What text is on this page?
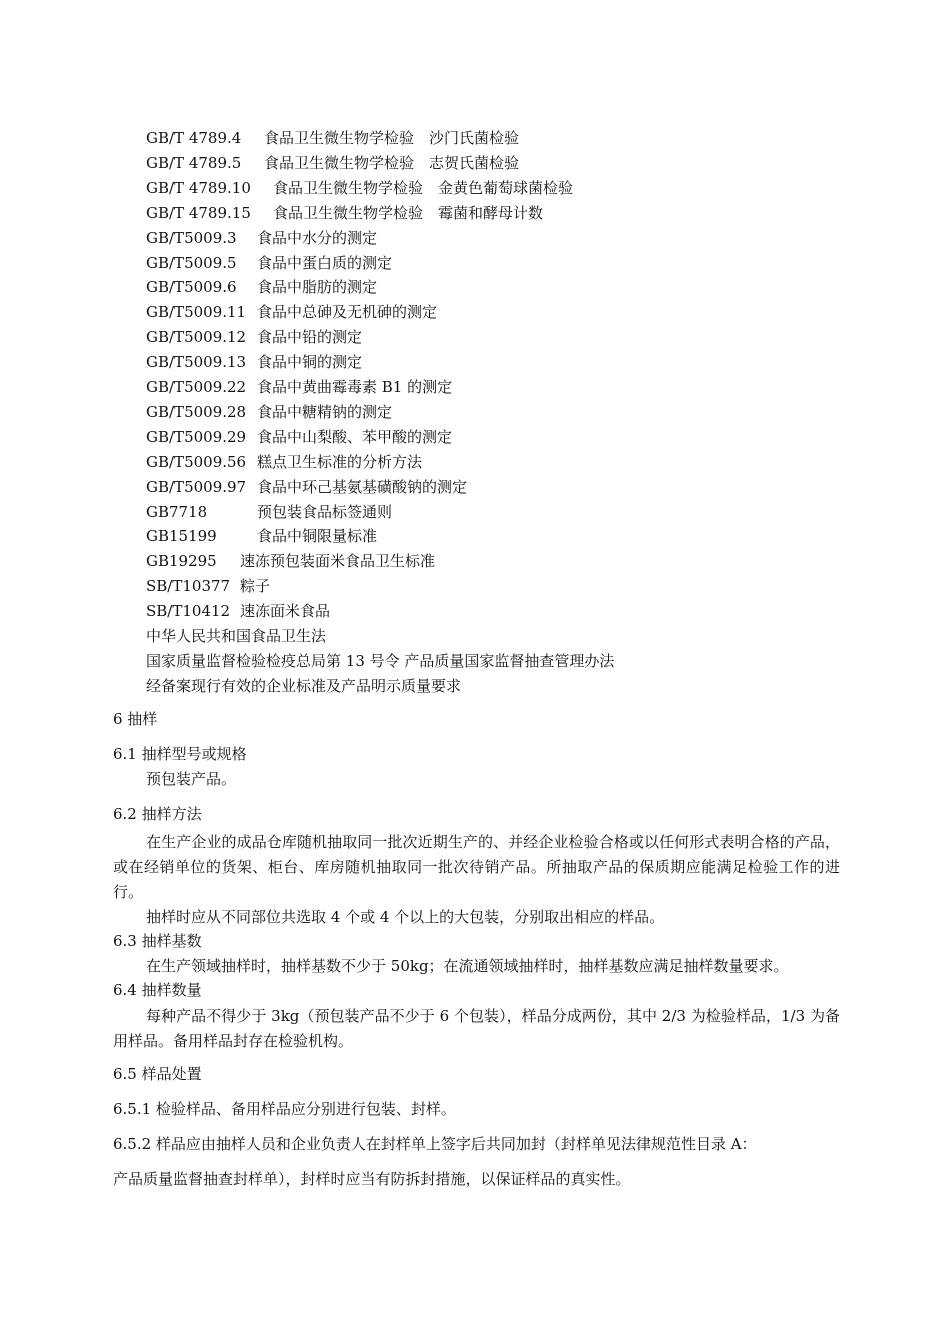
GB/T 4789.4 食品卫生微生物学检验　沙门氏菌检验
GB/T 4789.5 食品卫生微生物学检验　志贺氏菌检验
GB/T 4789.10 食品卫生微生物学检验　金黄色葡萄球菌检验
GB/T 4789.15 食品卫生微生物学检验　霉菌和酵母计数
GB/T5009.3 食品中水分的测定
GB/T5009.5 食品中蛋白质的测定
GB/T5009.6 食品中脂肪的测定
GB/T5009.11 食品中总砷及无机砷的测定
GB/T5009.12 食品中铅的测定
GB/T5009.13 食品中铜的测定
GB/T5009.22 食品中黄曲霉毒素 B1 的测定
GB/T5009.28 食品中糖精钠的测定
GB/T5009.29 食品中山梨酸、苯甲酸的测定
GB/T5009.56 糕点卫生标准的分析方法
GB/T5009.97 食品中环己基氨基磺酸钠的测定
GB7718	预包装食品标签通则
GB15199	食品中铜限量标准
GB19295 速冻预包装面米食品卫生标准
SB/T10377 粽子
SB/T10412 速冻面米食品
中华人民共和国食品卫生法
国家质量监督检验检疫总局第 13 号令 产品质量国家监督抽查管理办法
经备案现行有效的企业标准及产品明示质量要求
6 抽样
6.1 抽样型号或规格
预包装产品。
6.2 抽样方法
在生产企业的成品仓库随机抽取同一批次近期生产的、并经企业检验合格或以任何形式表明合格的产品，或在经销单位的货架、柜台、库房随机抽取同一批次待销产品。所抽取产品的保质期应能满足检验工作的进行。
抽样时应从不同部位共选取 4 个或 4 个以上的大包装，分别取出相应的样品。
6.3 抽样基数
在生产领域抽样时，抽样基数不少于 50kg；在流通领域抽样时，抽样基数应满足抽样数量要求。
6.4 抽样数量
每种产品不得少于 3kg（预包装产品不少于 6 个包装），样品分成两份，其中 2/3 为检验样品，1/3 为备用样品。备用样品封存在检验机构。
6.5 样品处置
6.5.1 检验样品、备用样品应分别进行包装、封样。
6.5.2 样品应由抽样人员和企业负责人在封样单上签字后共同加封（封样单见法律规范性目录 A：
产品质量监督抽查封样单），封样时应当有防拆封措施，以保证样品的真实性。
